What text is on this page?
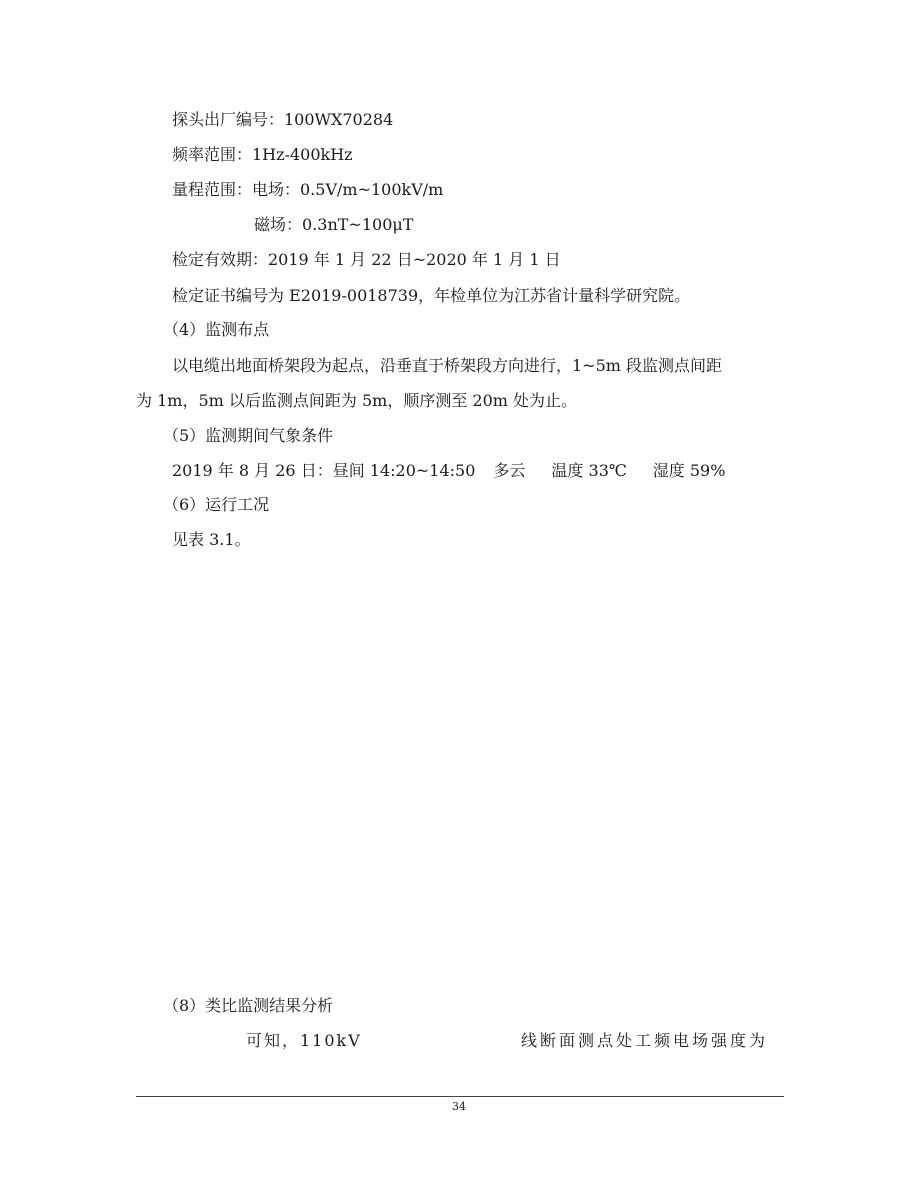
探头出厂编号：100WX70284
频率范围：1Hz-400kHz
量程范围：电场：0.5V/m~100kV/m
磁场：0.3nT~100μT
检定有效期：2019 年 1 月 22 日~2020 年 1 月 1 日
检定证书编号为 E2019-0018739，年检单位为江苏省计量科学研究院。
（4）监测布点
以电缆出地面桥架段为起点，沿垂直于桥架段方向进行，1~5m 段监测点间距
为 1m，5m 以后监测点间距为 5m，顺序测至 20m 处为止。
（5）监测期间气象条件
2019 年 8 月 26 日：昼间 14:20~14:50 多云 温度 33℃ 湿度 59%
（6）运行工况
见表 3.1。
（8）类比监测结果分析
可知，110kV	线断面测点处工频电场强度为
34
